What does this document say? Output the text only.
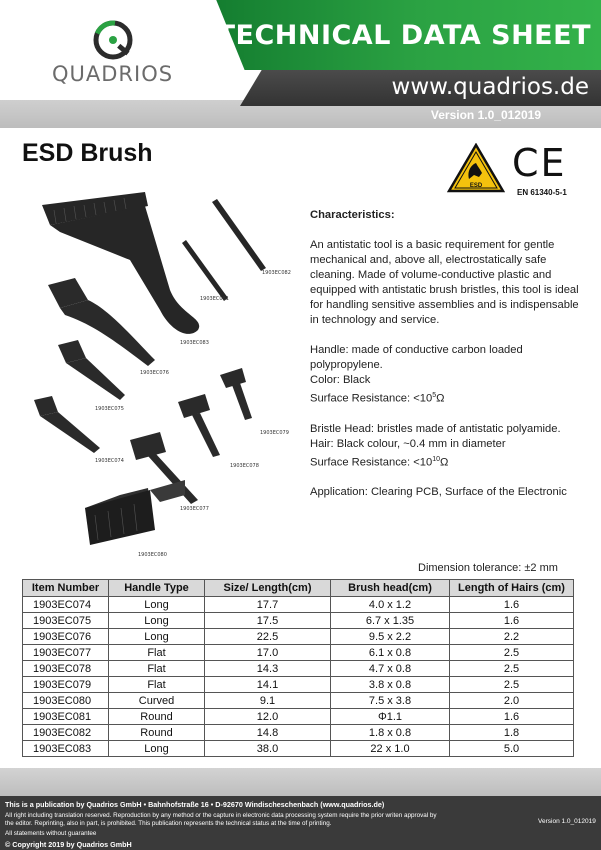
QUADRIOS
TECHNICAL DATA SHEET
www.quadrios.de
Version 1.0_012019
ESD Brush
ESD
CE
EN 61340-5-1
1903EC082
1903EC081
1903EC083
1903EC076
1903EC075
1903EC079
1903EC074
1903EC078
1903EC077
1903EC080

Characteristics:

An antistatic tool is a basic requirement for gentle mechanical and, above all, electrostatically safe cleaning. Made of volume-conductive plastic and equipped with antistatic brush bristles, this tool is ideal for handling sensitive assemblies and is indispensable in technology and service.

Handle: made of conductive carbon loaded polypropylene.
Color: Black
Surface Resistance: $<10^5\Omega$

Bristle Head: bristles made of antistatic polyamide.
Hair: Black colour, ~0.4 mm in diameter
Surface Resistance: $<10^{10}\Omega$

Application: Clearing PCB, Surface of the Electronic

Dimension tolerance: ±2 mm
Item Number	Handle Type	Size/ Length(cm)	Brush head(cm)	Length of Hairs (cm)
1903EC074	Long	17.7	4.0 x 1.2	1.6
1903EC075	Long	17.5	6.7 x 1.35	1.6
1903EC076	Long	22.5	9.5 x 2.2	2.2
1903EC077	Flat	17.0	6.1 x 0.8	2.5
1903EC078	Flat	14.3	4.7 x 0.8	2.5
1903EC079	Flat	14.1	3.8 x 0.8	2.5
1903EC080	Curved	9.1	7.5 x 3.8	2.0
1903EC081	Round	12.0	Φ1.1	1.6
1903EC082	Round	14.8	1.8 x 0.8	1.8
1903EC083	Long	38.0	22 x 1.0	5.0
This is a publication by Quadrios GmbH • Bahnhofstraße 16 • D-92670 Windischeschenbach (www.quadrios.de)
All right including translation reserved. Reproduction by any method or the capture in electronic data processing system require the prior writen approval by the editor. Reprinting, also in part, is prohibited. This publication represents the technical status at the time of printing.
All statements without guarantee
© Copyright 2019 by Quadrios GmbH
Version 1.0_012019
